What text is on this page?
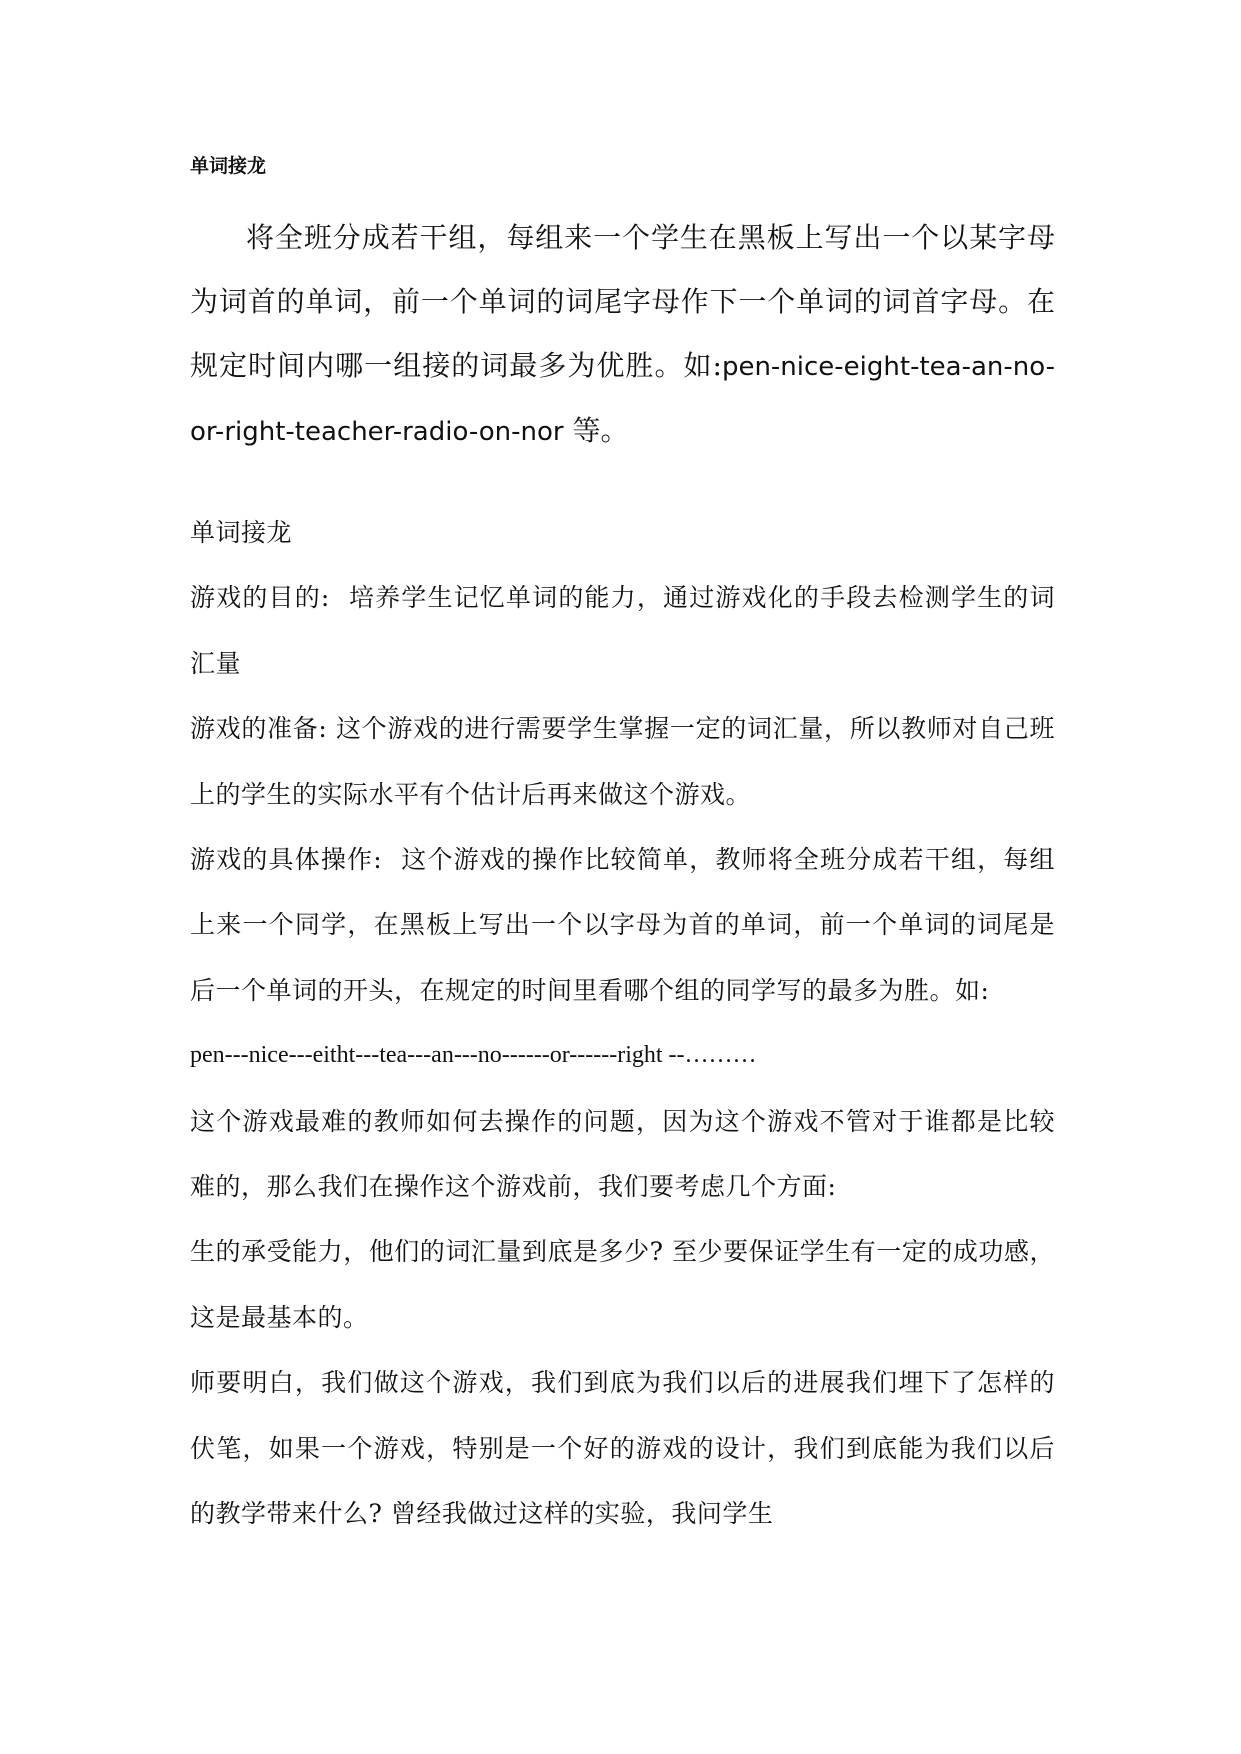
单词接龙

将全班分成若干组，每组来一个学生在黑板上写出一个以某字母为词首的单词，前一个单词的词尾字母作下一个单词的词首字母。在规定时间内哪一组接的词最多为优胜。如:pen-nice-eight-tea-an-no-or-right-teacher-radio-on-nor 等。

单词接龙

游戏的目的: 培养学生记忆单词的能力，通过游戏化的手段去检测学生的词汇量

游戏的准备: 这个游戏的进行需要学生掌握一定的词汇量，所以教师对自己班上的学生的实际水平有个估计后再来做这个游戏。

游戏的具体操作: 这个游戏的操作比较简单，教师将全班分成若干组，每组上来一个同学，在黑板上写出一个以字母为首的单词，前一个单词的词尾是后一个单词的开头，在规定的时间里看哪个组的同学写的最多为胜。如:

pen---nice---eitht---tea---an---no------or------right --………

这个游戏最难的教师如何去操作的问题，因为这个游戏不管对于谁都是比较难的，那么我们在操作这个游戏前，我们要考虑几个方面:

生的承受能力，他们的词汇量到底是多少? 至少要保证学生有一定的成功感，这是最基本的。

师要明白，我们做这个游戏，我们到底为我们以后的进展我们埋下了怎样的伏笔，如果一个游戏，特别是一个好的游戏的设计，我们到底能为我们以后的教学带来什么? 曾经我做过这样的实验，我问学生
